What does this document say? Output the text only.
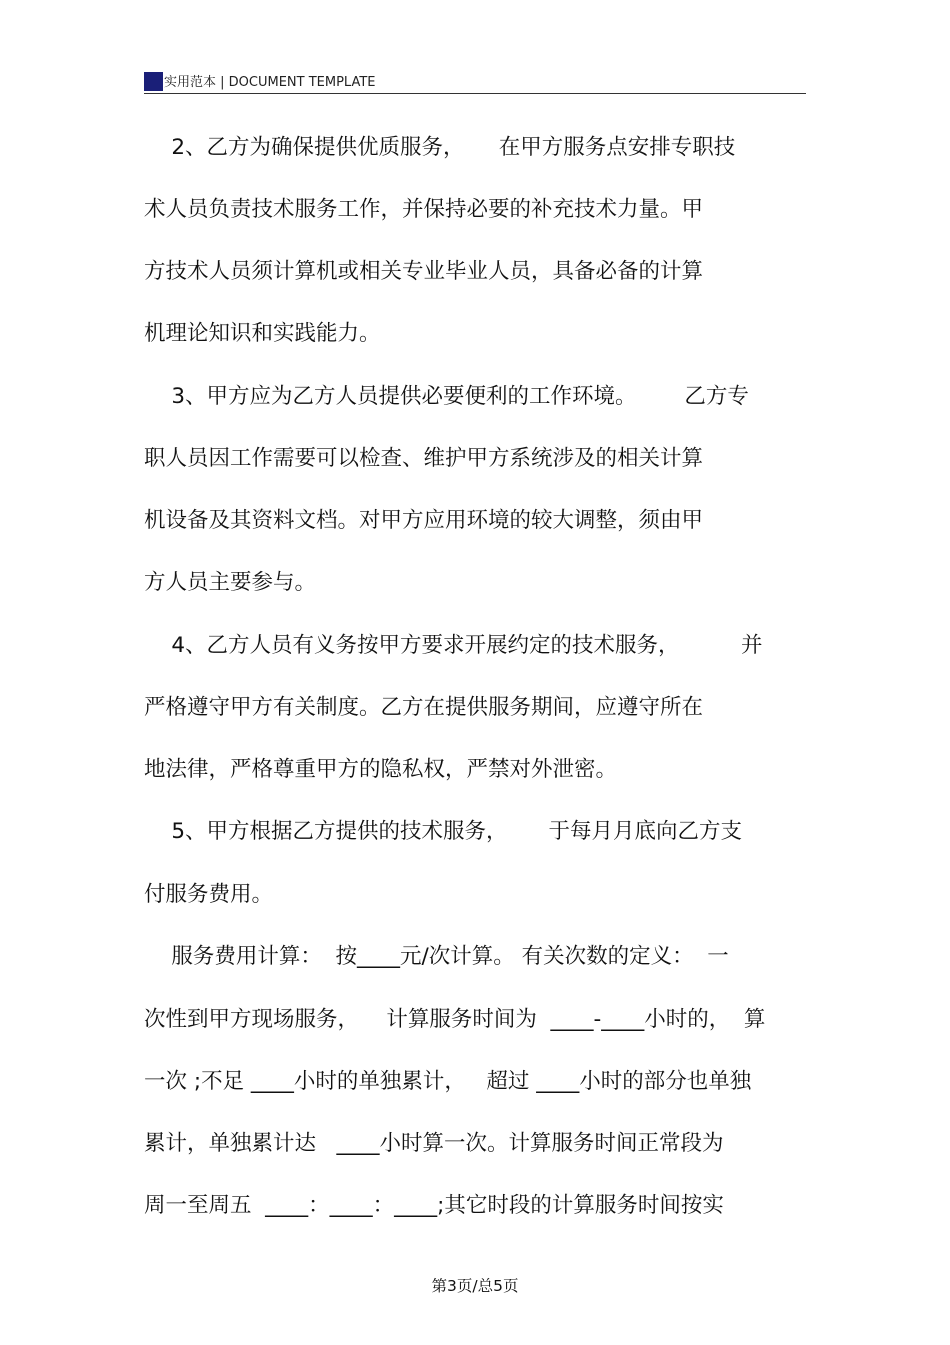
实用范本 | DOCUMENT TEMPLATE
2、乙方为确保提供优质服务，     在甲方服务点安排专职技
术人员负责技术服务工作，并保持必要的补充技术力量。甲
方技术人员须计算机或相关专业毕业人员，具备必备的计算
机理论知识和实践能力。
3、甲方应为乙方人员提供必要便利的工作环境。       乙方专
职人员因工作需要可以检查、维护甲方系统涉及的相关计算
机设备及其资料文档。对甲方应用环境的较大调整，须由甲
方人员主要参与。
4、乙方人员有义务按甲方要求开展约定的技术服务，         并
严格遵守甲方有关制度。乙方在提供服务期间，应遵守所在
地法律，严格尊重甲方的隐私权，严禁对外泄密。
5、甲方根据乙方提供的技术服务，      于每月月底向乙方支
付服务费用。
服务费用计算：  按____元/次计算。 有关次数的定义：  一
次性到甲方现场服务，    计算服务时间为  ____-____小时的，  算
一次 ;不足 ____小时的单独累计，   超过 ____小时的部分也单独
累计，单独累计达   ____小时算一次。计算服务时间正常段为
周一至周五  ____：____：____;其它时段的计算服务时间按实
第3页/总5页
